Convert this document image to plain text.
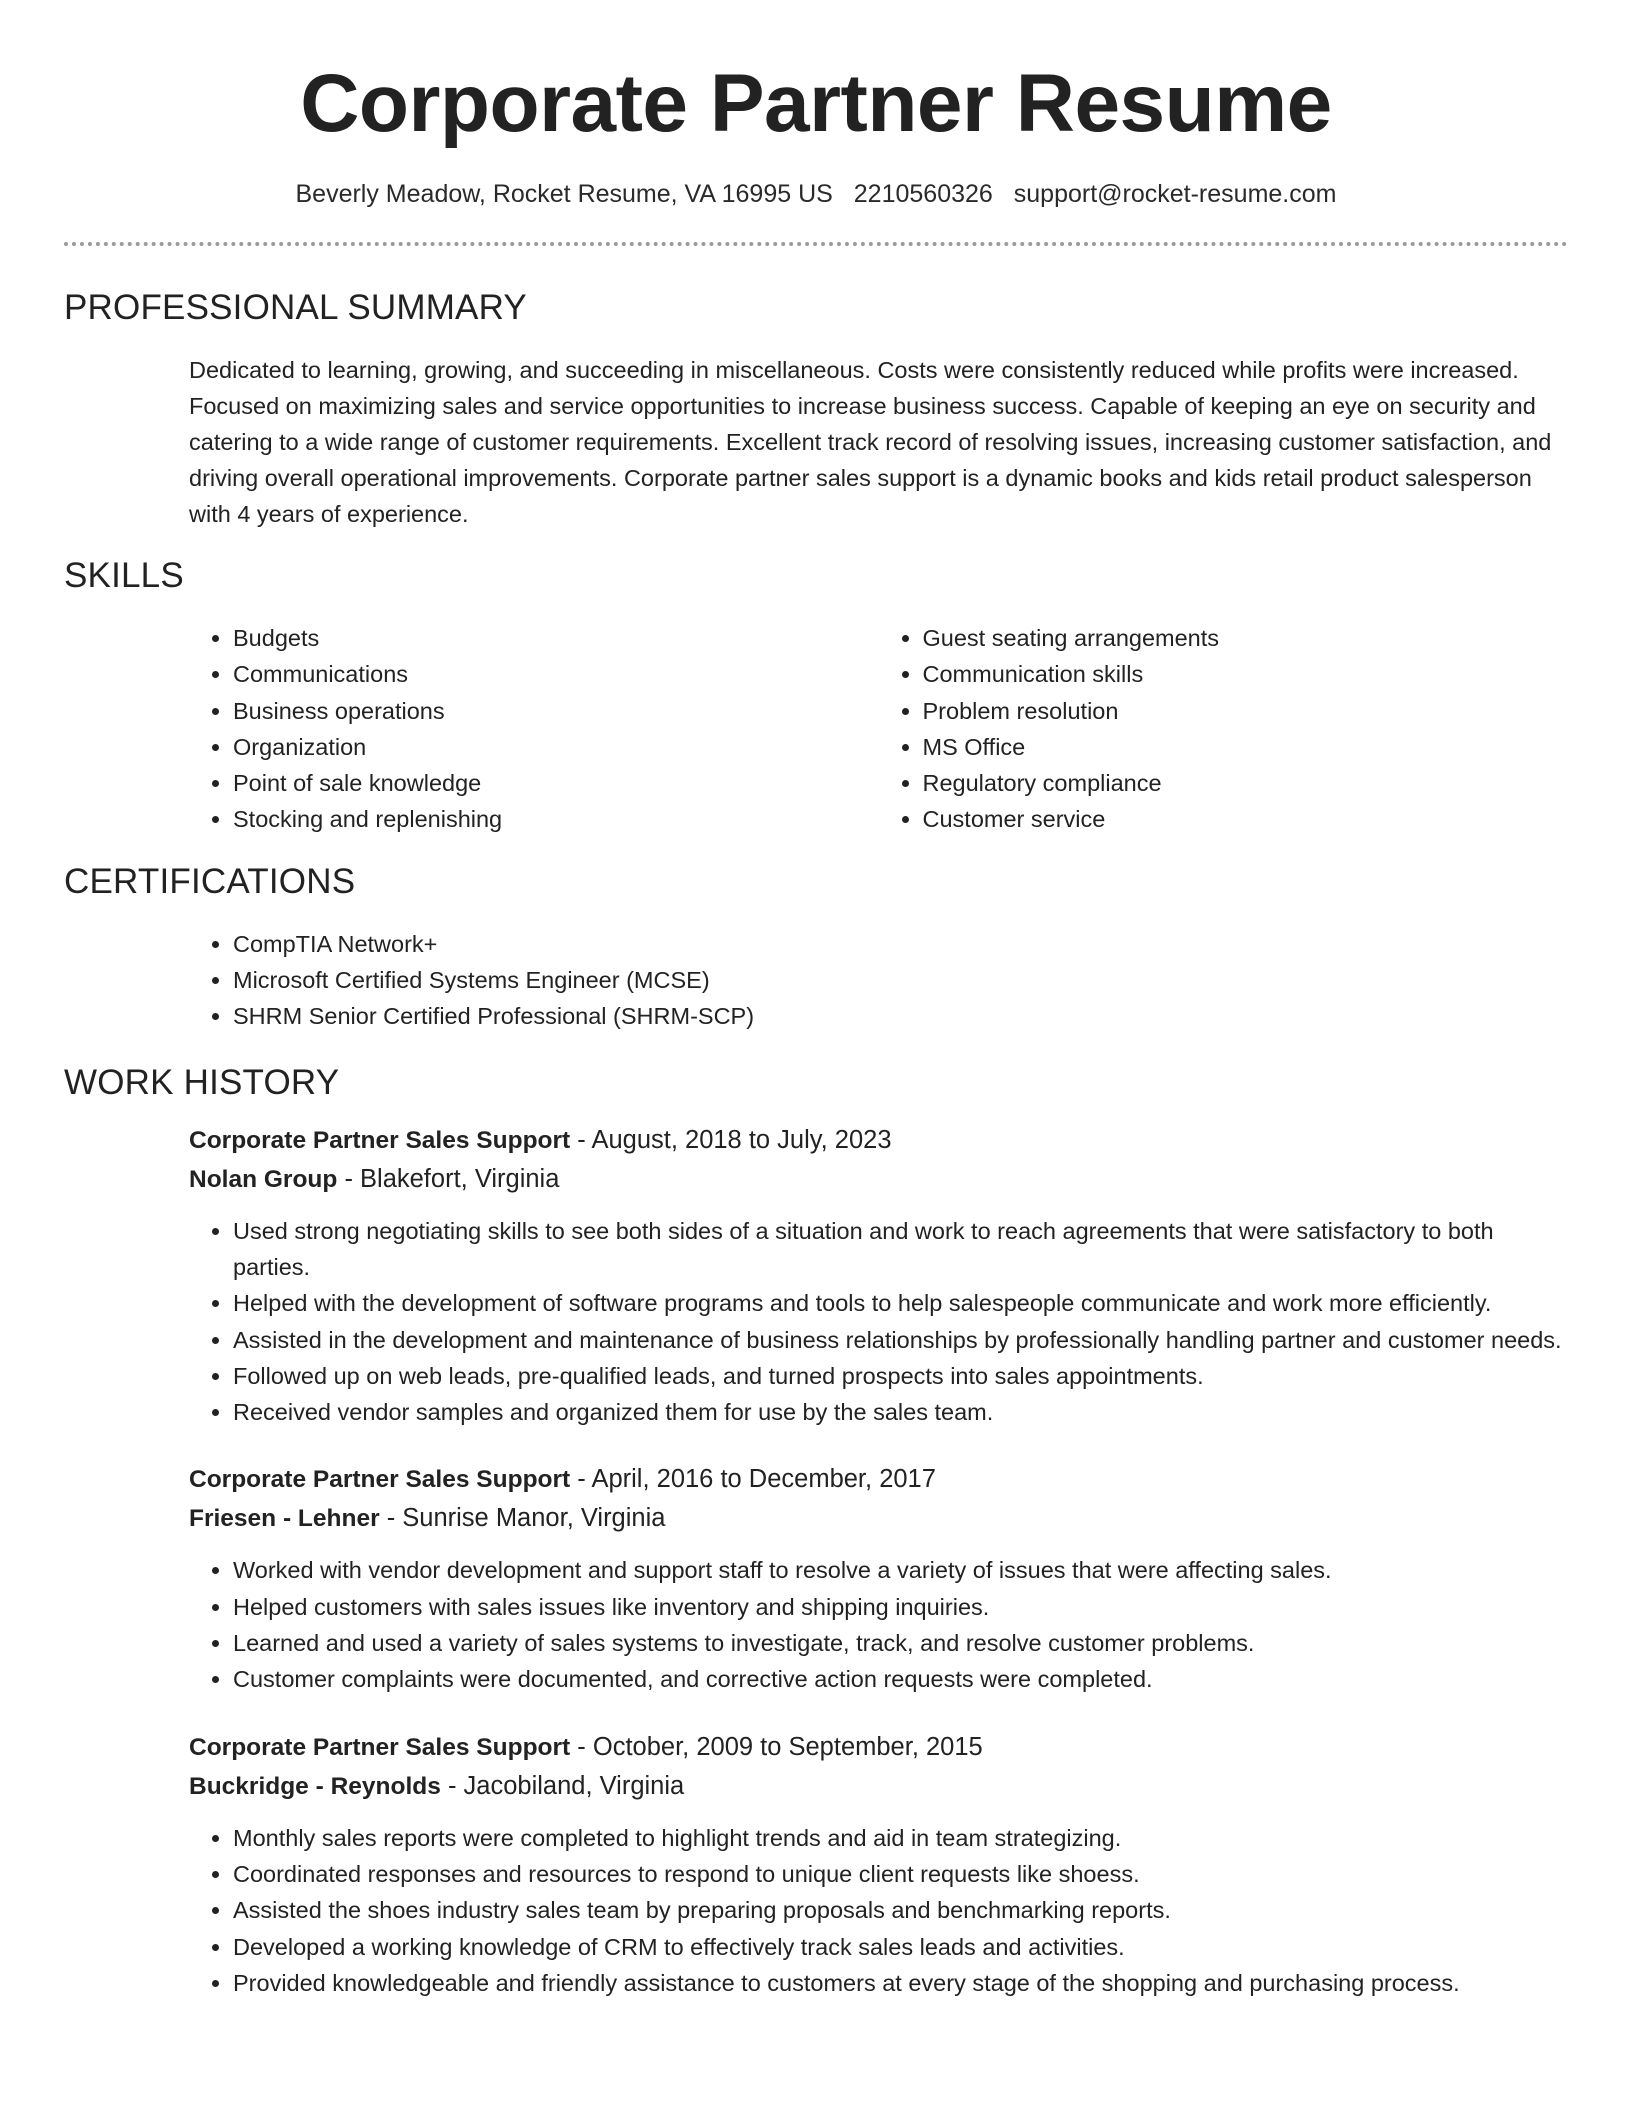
Corporate Partner Resume
Beverly Meadow, Rocket Resume, VA 16995 US 2210560326 support@rocket-resume.com
PROFESSIONAL SUMMARY

Dedicated to learning, growing, and succeeding in miscellaneous. Costs were consistently reduced while profits were increased. Focused on maximizing sales and service opportunities to increase business success. Capable of keeping an eye on security and catering to a wide range of customer requirements. Excellent track record of resolving issues, increasing customer satisfaction, and driving overall operational improvements. Corporate partner sales support is a dynamic books and kids retail product salesperson with 4 years of experience.

SKILLS
• Budgets
• Communications
• Business operations
• Organization
• Point of sale knowledge
• Stocking and replenishing
• Guest seating arrangements
• Communication skills
• Problem resolution
• MS Office
• Regulatory compliance
• Customer service
CERTIFICATIONS
• CompTIA Network+
• Microsoft Certified Systems Engineer (MCSE)
• SHRM Senior Certified Professional (SHRM-SCP)
WORK HISTORY
Corporate Partner Sales Support - August, 2018 to July, 2023
Nolan Group - Blakefort, Virginia
• Used strong negotiating skills to see both sides of a situation and work to reach agreements that were satisfactory to both parties.
• Helped with the development of software programs and tools to help salespeople communicate and work more efficiently.
• Assisted in the development and maintenance of business relationships by professionally handling partner and customer needs.
• Followed up on web leads, pre-qualified leads, and turned prospects into sales appointments.
• Received vendor samples and organized them for use by the sales team.
Corporate Partner Sales Support - April, 2016 to December, 2017
Friesen - Lehner - Sunrise Manor, Virginia
• Worked with vendor development and support staff to resolve a variety of issues that were affecting sales.
• Helped customers with sales issues like inventory and shipping inquiries.
• Learned and used a variety of sales systems to investigate, track, and resolve customer problems.
• Customer complaints were documented, and corrective action requests were completed.
Corporate Partner Sales Support - October, 2009 to September, 2015
Buckridge - Reynolds - Jacobiland, Virginia
• Monthly sales reports were completed to highlight trends and aid in team strategizing.
• Coordinated responses and resources to respond to unique client requests like shoess.
• Assisted the shoes industry sales team by preparing proposals and benchmarking reports.
• Developed a working knowledge of CRM to effectively track sales leads and activities.
• Provided knowledgeable and friendly assistance to customers at every stage of the shopping and purchasing process.
